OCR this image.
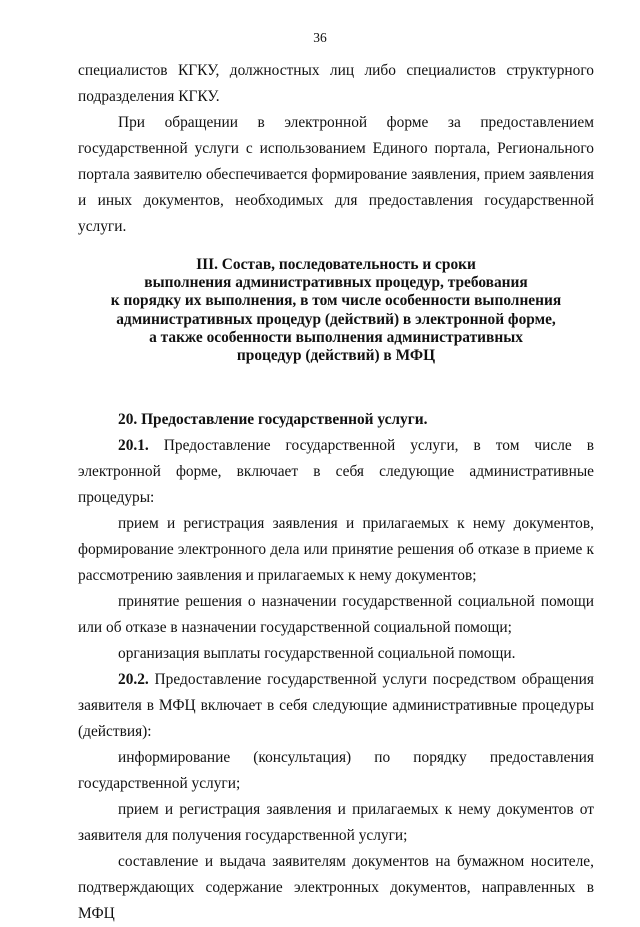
36

специалистов КГКУ, должностных лиц либо специалистов структурного подразделения КГКУ.

При обращении в электронной форме за предоставлением государственной услуги с использованием Единого портала, Регионального портала заявителю обеспечивается формирование заявления, прием заявления и иных документов, необходимых для предоставления государственной услуги.

III. Состав, последовательность и сроки
выполнения административных процедур, требования
к порядку их выполнения, в том числе особенности выполнения
административных процедур (действий) в электронной форме,
а также особенности выполнения административных
процедур (действий) в МФЦ

20. Предоставление государственной услуги.

20.1. Предоставление государственной услуги, в том числе в электронной форме, включает в себя следующие административные процедуры:

прием и регистрация заявления и прилагаемых к нему документов, формирование электронного дела или принятие решения об отказе в приеме к рассмотрению заявления и прилагаемых к нему документов;

принятие решения о назначении государственной социальной помощи или об отказе в назначении государственной социальной помощи;

организация выплаты государственной социальной помощи.

20.2. Предоставление государственной услуги посредством обращения заявителя в МФЦ включает в себя следующие административные процедуры (действия):

информирование (консультация) по порядку предоставления государственной услуги;

прием и регистрация заявления и прилагаемых к нему документов от заявителя для получения государственной услуги;

составление и выдача заявителям документов на бумажном носителе, подтверждающих содержание электронных документов, направленных в МФЦ
